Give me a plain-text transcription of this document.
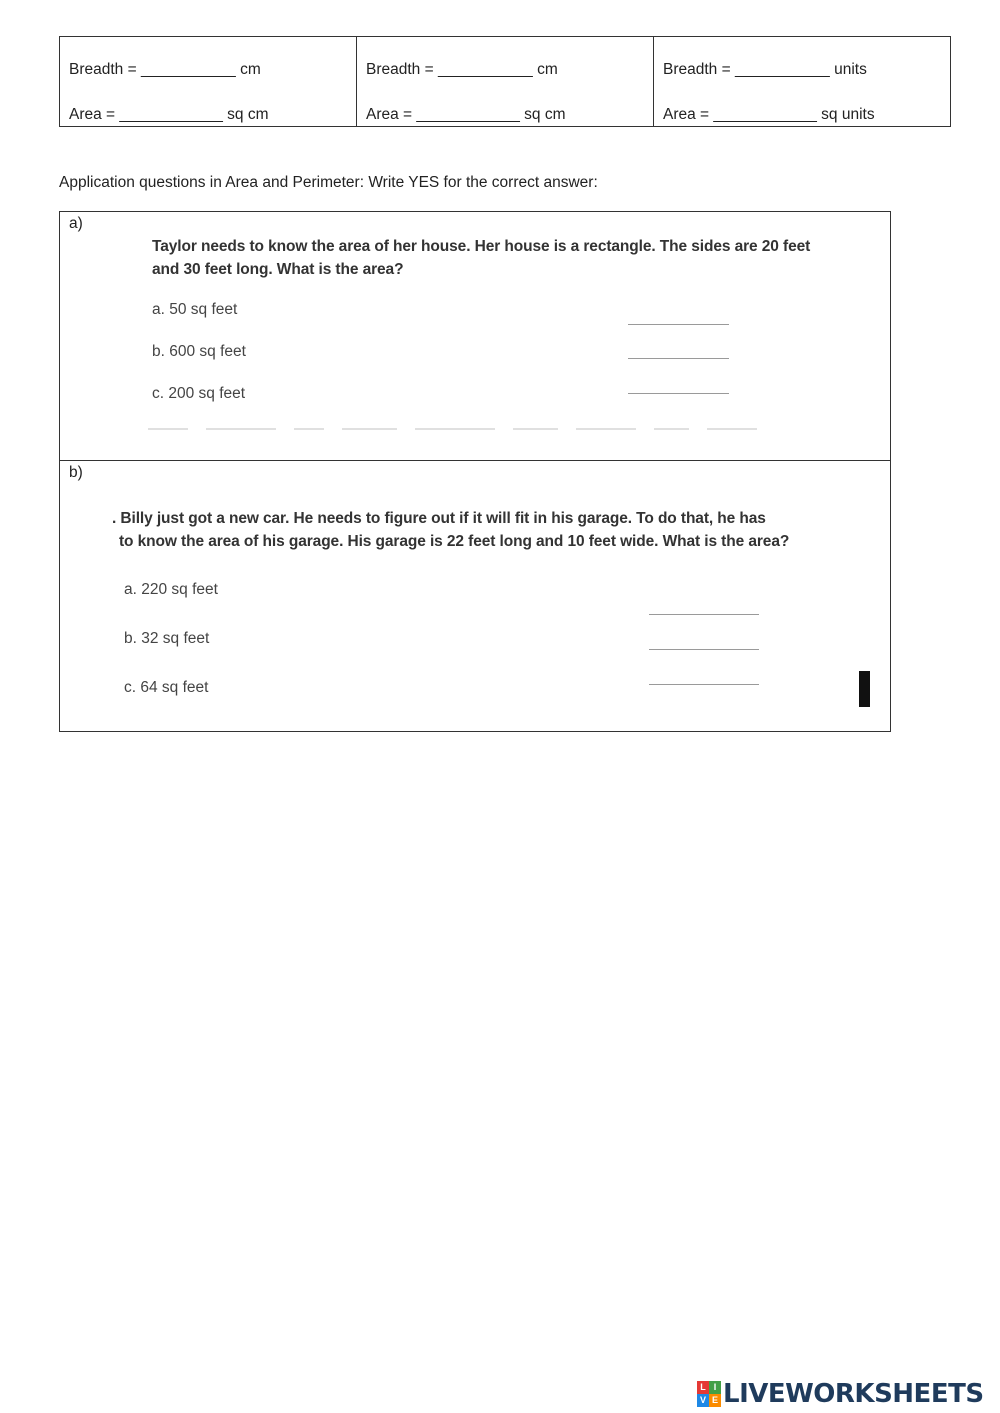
Breadth = ___________ cm
Area = ____________ sq cm
Breadth = ___________ cm
Area = ____________ sq cm
Breadth = ___________ units
Area = ____________ sq units
Application questions in Area and Perimeter: Write YES for the correct answer:
a)
Taylor needs to know the area of her house. Her house is a rectangle. The sides are 20 feet
and 30 feet long. What is the area?
a. 50 sq feet
b. 600 sq feet
c. 200 sq feet
b)
. Billy just got a new car. He needs to figure out if it will fit in his garage. To do that, he has
to know the area of his garage. His garage is 22 feet long and 10 feet wide. What is the area?
a. 220 sq feet
b. 32 sq feet
c. 64 sq feet
L I
V E LIVEWORKSHEETS
